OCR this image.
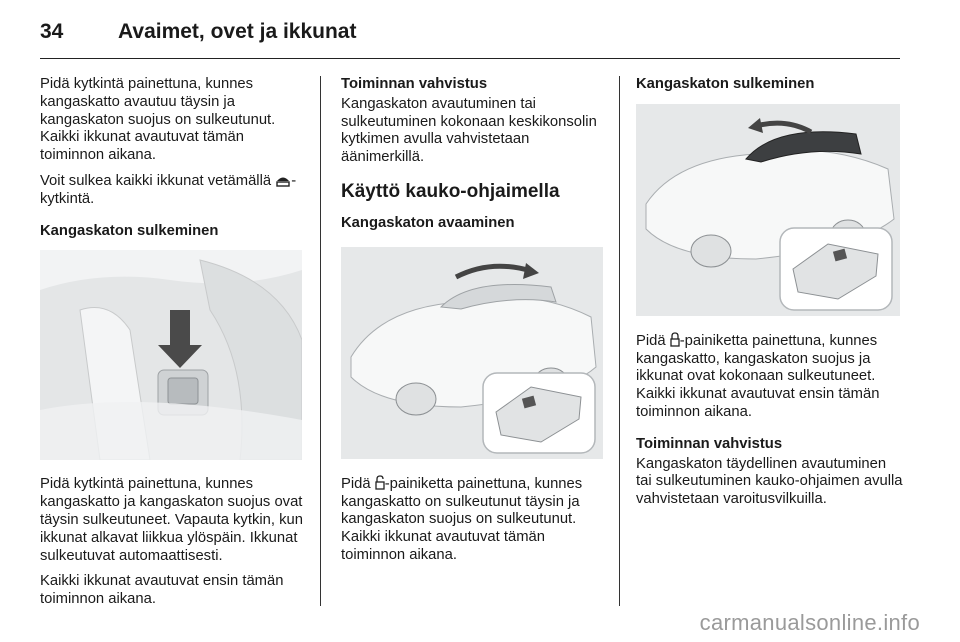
34	Avaimet, ovet ja ikkunat

Pidä kytkintä painettuna, kunnes kangaskatto avautuu täysin ja kangaskaton suojus on sulkeutunut. Kaikki ikkunat avautuvat tämän toiminnon aikana.

Voit sulkea kaikki ikkunat vetämällä -kytkintä.

Kangaskaton sulkeminen

Pidä kytkintä painettuna, kunnes kangaskatto ja kangaskaton suojus ovat täysin sulkeutuneet. Vapauta kytkin, kun ikkunat alkavat liikkua ylöspäin. Ikkunat sulkeutuvat automaattisesti.

Kaikki ikkunat avautuvat ensin tämän toiminnon aikana.

Toiminnan vahvistus

Kangaskaton avautuminen tai sulkeutuminen kokonaan keskikonsolin kytkimen avulla vahvistetaan äänimerkillä.

Käyttö kauko-ohjaimella

Kangaskaton avaaminen

Pidä -painiketta painettuna, kunnes kangaskatto on sulkeutunut täysin ja kangaskaton suojus on sulkeutunut. Kaikki ikkunat avautuvat tämän toiminnon aikana.

Kangaskaton sulkeminen

Pidä -painiketta painettuna, kunnes kangaskatto, kangaskaton suojus ja ikkunat ovat kokonaan sulkeutuneet. Kaikki ikkunat avautuvat ensin tämän toiminnon aikana.

Toiminnan vahvistus

Kangaskaton täydellinen avautuminen tai sulkeutuminen kauko-ohjaimen avulla vahvistetaan varoitusvilkuilla.

carmanualsonline.info
